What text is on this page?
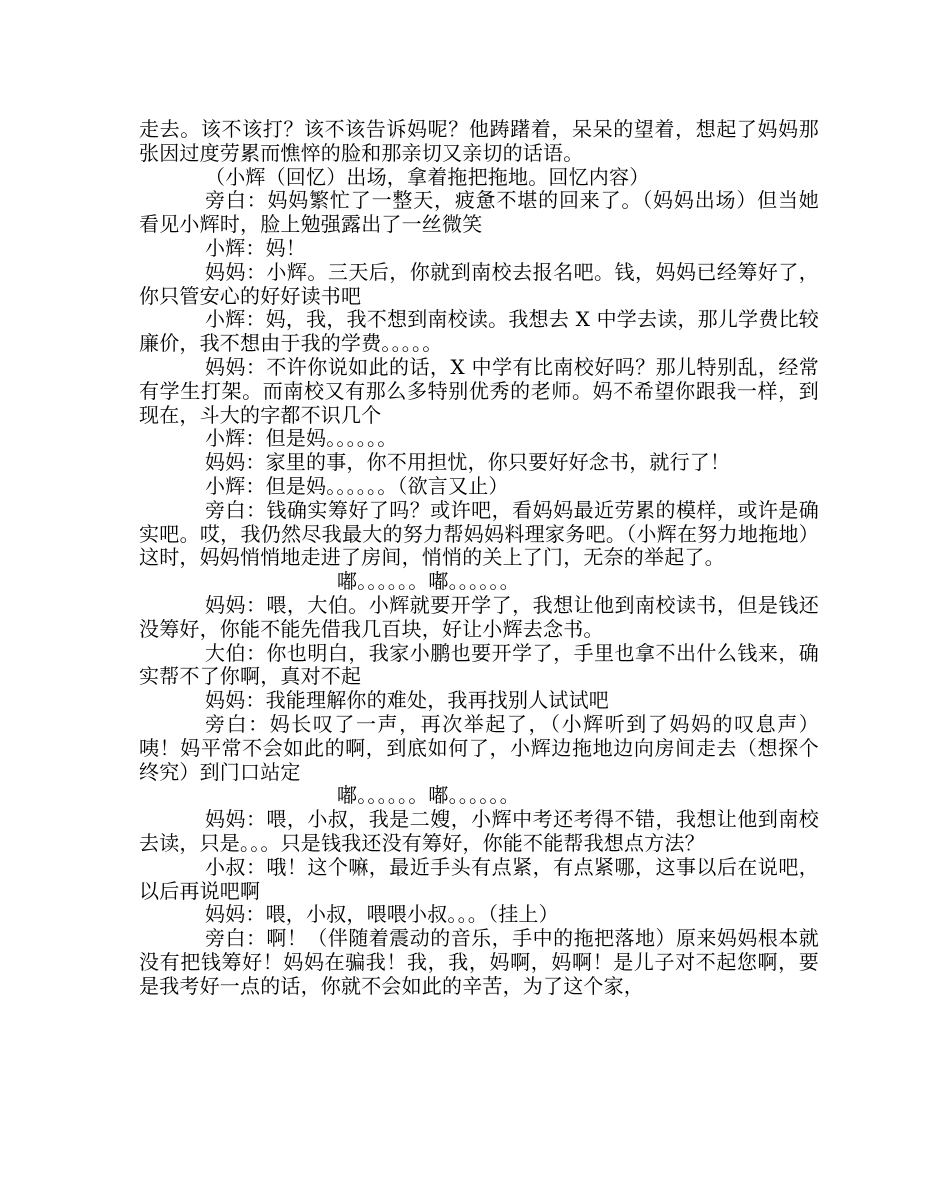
走去。该不该打？该不该告诉妈呢？他踌躇着，呆呆的望着，想起了妈妈那张因过度劳累而憔悴的脸和那亲切又亲切的话语。

（小辉（回忆）出场，拿着拖把拖地。回忆内容）

旁白：妈妈繁忙了一整天，疲惫不堪的回来了。（妈妈出场）但当她看见小辉时，脸上勉强露出了一丝微笑

小辉：妈！

妈妈：小辉。三天后，你就到南校去报名吧。钱，妈妈已经筹好了，你只管安心的好好读书吧

小辉：妈，我，我不想到南校读。我想去 X 中学去读，那儿学费比较廉价，我不想由于我的学费。。。。。

妈妈：不许你说如此的话，X 中学有比南校好吗？那儿特别乱，经常有学生打架。而南校又有那么多特别优秀的老师。妈不希望你跟我一样，到现在，斗大的字都不识几个

小辉：但是妈。。。。。。

妈妈：家里的事，你不用担忧，你只要好好念书，就行了！

小辉：但是妈。。。。。。（欲言又止）

旁白：钱确实筹好了吗？或许吧，看妈妈最近劳累的模样，或许是确实吧。哎，我仍然尽我最大的努力帮妈妈料理家务吧。（小辉在努力地拖地）这时，妈妈悄悄地走进了房间，悄悄的关上了门，无奈的举起了。

嘟。。。。。。嘟。。。。。。

妈妈：喂，大伯。小辉就要开学了，我想让他到南校读书，但是钱还没筹好，你能不能先借我几百块，好让小辉去念书。

大伯：你也明白，我家小鹏也要开学了，手里也拿不出什么钱来，确实帮不了你啊，真对不起

妈妈：我能理解你的难处，我再找别人试试吧

旁白：妈长叹了一声，再次举起了，（小辉听到了妈妈的叹息声）咦！妈平常不会如此的啊，到底如何了，小辉边拖地边向房间走去（想探个终究）到门口站定

嘟。。。。。。嘟。。。。。。

妈妈：喂，小叔，我是二嫂，小辉中考还考得不错，我想让他到南校去读，只是。。。只是钱我还没有筹好，你能不能帮我想点方法？

小叔：哦！这个嘛，最近手头有点紧，有点紧哪，这事以后在说吧，以后再说吧啊

妈妈：喂，小叔，喂喂小叔。。。（挂上）

旁白：啊！（伴随着震动的音乐，手中的拖把落地）原来妈妈根本就没有把钱筹好！妈妈在骗我！我，我，妈啊，妈啊！是儿子对不起您啊，要是我考好一点的话，你就不会如此的辛苦，为了这个家，
